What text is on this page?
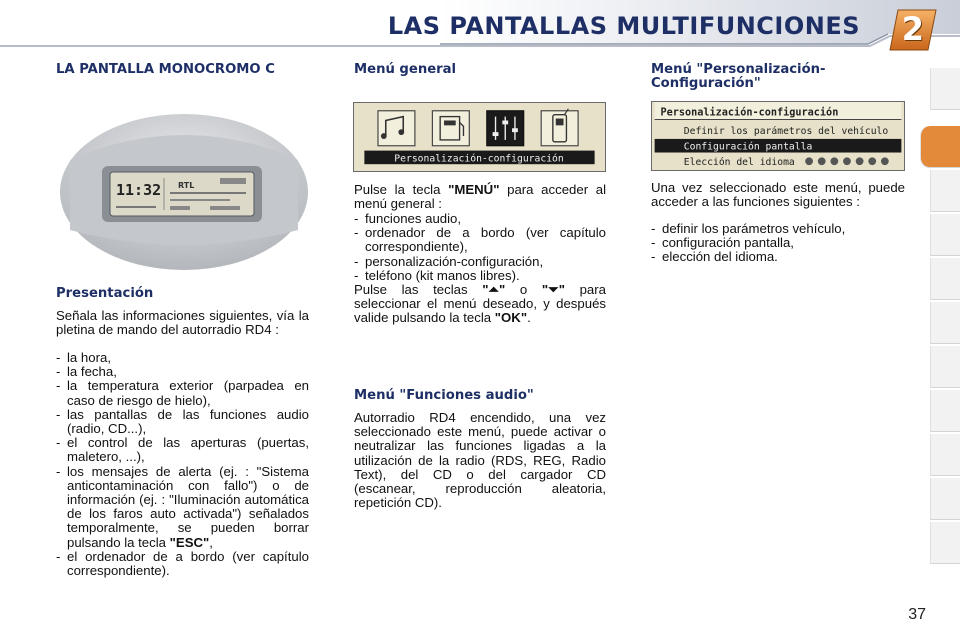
LAS PANTALLAS MULTIFUNCIONES 2
LA PANTALLA MONOCROMO C
11:32 RTL
Presentación

Señala las informaciones siguientes, vía la pletina de mando del autorradio RD4 :

- la hora,
- la fecha,
- la temperatura exterior (parpadea en caso de riesgo de hielo),
- las pantallas de las funciones audio (radio, CD...),
- el control de las aperturas (puertas, maletero, ...),
- los mensajes de alerta (ej. : "Sistema anticontaminación con fallo") o de información (ej. : "Iluminación automática de los faros auto activada") señalados temporalmente, se pueden borrar pulsando la tecla "ESC",
- el ordenador de a bordo (ver capítulo correspondiente).
Menú general
Personalización-configuración

Pulse la tecla "MENÚ" para acceder al menú general :

- funciones audio,
- ordenador de a bordo (ver capítulo correspondiente),
- personalización-configuración,
- teléfono (kit manos libres).

Pulse las teclas "⏶" o "⏷" para seleccionar el menú deseado, y después valide pulsando la tecla "OK".

Menú "Funciones audio"

Autorradio RD4 encendido, una vez seleccionado este menú, puede activar o neutralizar las funciones ligadas a la utilización de la radio (RDS, REG, Radio Text), del CD o del cargador CD (escanear, reproducción aleatoria, repetición CD).

Menú "Personalización-Configuración"
Personalización-configuración
Definir los parámetros del vehículo
Configuración pantalla
Elección del idioma

Una vez seleccionado este menú, puede acceder a las funciones siguientes :

- definir los parámetros vehículo,
- configuración pantalla,
- elección del idioma.
37
